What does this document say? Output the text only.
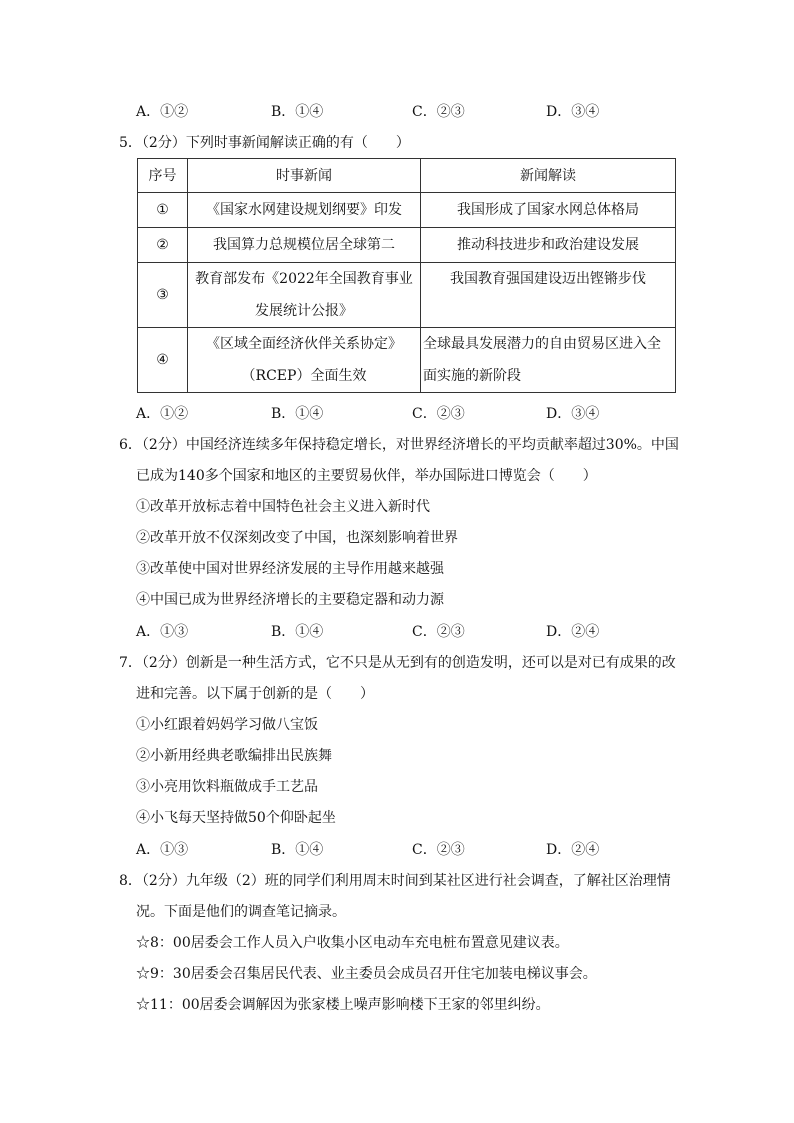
A．①②	B．①④	C．②③	D．③④
5．（2分）下列时事新闻解读正确的有（　　）
序号	时事新闻	新闻解读
①	《国家水网建设规划纲要》印发	我国形成了国家水网总体格局
②	我国算力总规模位居全球第二	推动科技进步和政治建设发展
③	教育部发布《2022年全国教育事业发展统计公报》	我国教育强国建设迈出铿锵步伐
④	《区域全面经济伙伴关系协定》（RCEP）全面生效	全球最具发展潜力的自由贸易区进入全面实施的新阶段
A．①②	B．①④	C．②③	D．③④
6．（2分）中国经济连续多年保持稳定增长，对世界经济增长的平均贡献率超过30%。中国
已成为140多个国家和地区的主要贸易伙伴，举办国际进口博览会（　　）
①改革开放标志着中国特色社会主义进入新时代
②改革开放不仅深刻改变了中国，也深刻影响着世界
③改革使中国对世界经济发展的主导作用越来越强
④中国已成为世界经济增长的主要稳定器和动力源
A．①③	B．①④	C．②③	D．②④
7．（2分）创新是一种生活方式，它不只是从无到有的创造发明，还可以是对已有成果的改
进和完善。以下属于创新的是（　　）
①小红跟着妈妈学习做八宝饭
②小新用经典老歌编排出民族舞
③小亮用饮料瓶做成手工艺品
④小飞每天坚持做50个仰卧起坐
A．①③	B．①④	C．②③	D．②④
8．（2分）九年级（2）班的同学们利用周末时间到某社区进行社会调查，了解社区治理情
况。下面是他们的调查笔记摘录。
☆8：00居委会工作人员入户收集小区电动车充电桩布置意见建议表。
☆9：30居委会召集居民代表、业主委员会成员召开住宅加装电梯议事会。
☆11：00居委会调解因为张家楼上噪声影响楼下王家的邻里纠纷。
